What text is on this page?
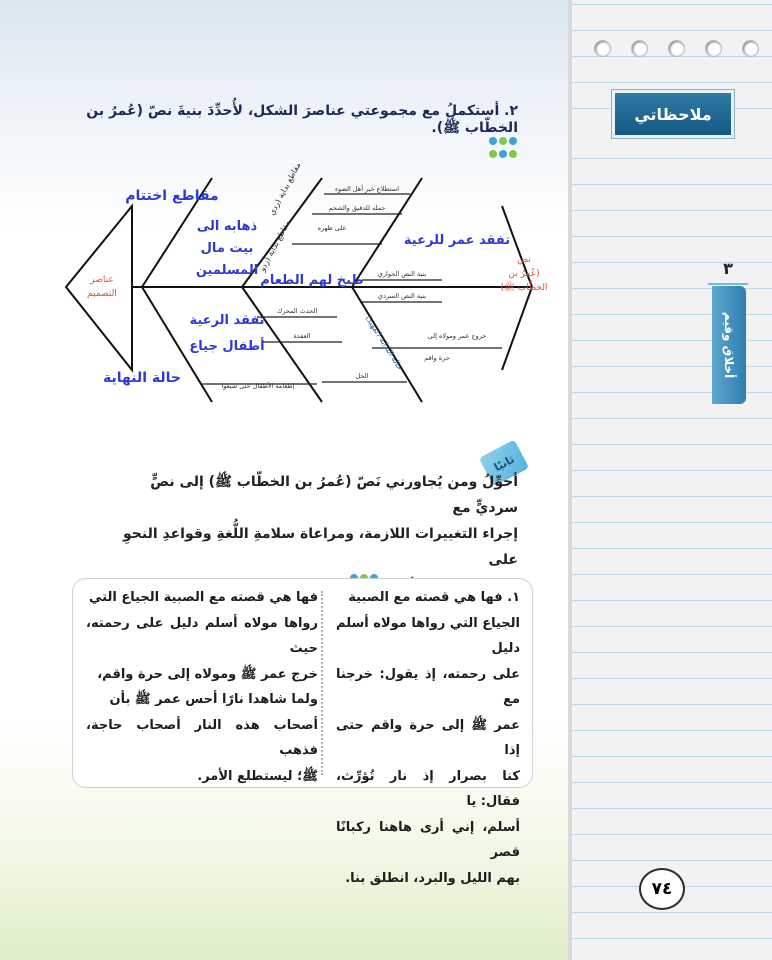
ملاحظاتي
٣
أخلاق وقيم
٢. أستكملُ مع مجموعتي عناصرَ الشكل، لأُحدِّدَ بنيةَ نصّ (عُمرُ بن الخطّاب ﷺ).
عناصر
التصميم
نص
(عُمرُ بن
الخطّاب ﷺ)
مقاطع اختتام
حالة النهاية
مقاطع بداية (ردي
مقاطع بداية (زدو
حالة البداية (تمهيد)
تفقد عمر للرعية
ذهابه الى
بيت مال
المسلمين
طبخ لهم الطعام
تفقد الرعية
أطفال جياع
استطلاع خبر أهل الضوء
حمله للدقيق والشحم
على ظهره
بنية النص الحواري
بنية النص السردي
الحدث المحرك
العقدة	خروج عمر ومولاه إلى
حرة واقم
الحل
إطعامه الأطفال حتى شبعوا
ثانيًا
أحوِّلُ ومن يُجاورني نَصّ (عُمرُ بن الخطّاب ﷺ) إلى نصٍّ سرديٍّ مع
إجراء التغييرات اللازمة، ومراعاة سلامةِ اللُّغةِ وقواعدِ النحوِ على
١. فها هي قصته مع الصبية
الجياع التي رواها مولاه أسلم دليل
على رحمته، إذ يقول: خرجنا مع
عمر ﷺ إلى حرة واقم حتى إذا
كنا بصرار إذ نار تُؤرِّث، فقال: يا
أسلم، إني أرى هاهنا ركبانًا قصر
بهم الليل والبرد، انطلق بنا.
فها هي قصته مع الصبية الجياع التي
رواها مولاه أسلم دليل على رحمته، حيث
خرج عمر ﷺ ومولاه إلى حرة واقم،
ولما شاهدا نارًا أحس عمر ﷺ بأن
أصحاب هذه النار أصحاب حاجة، فذهب
ﷺ؛ ليستطلع الأمر.
٧٤
